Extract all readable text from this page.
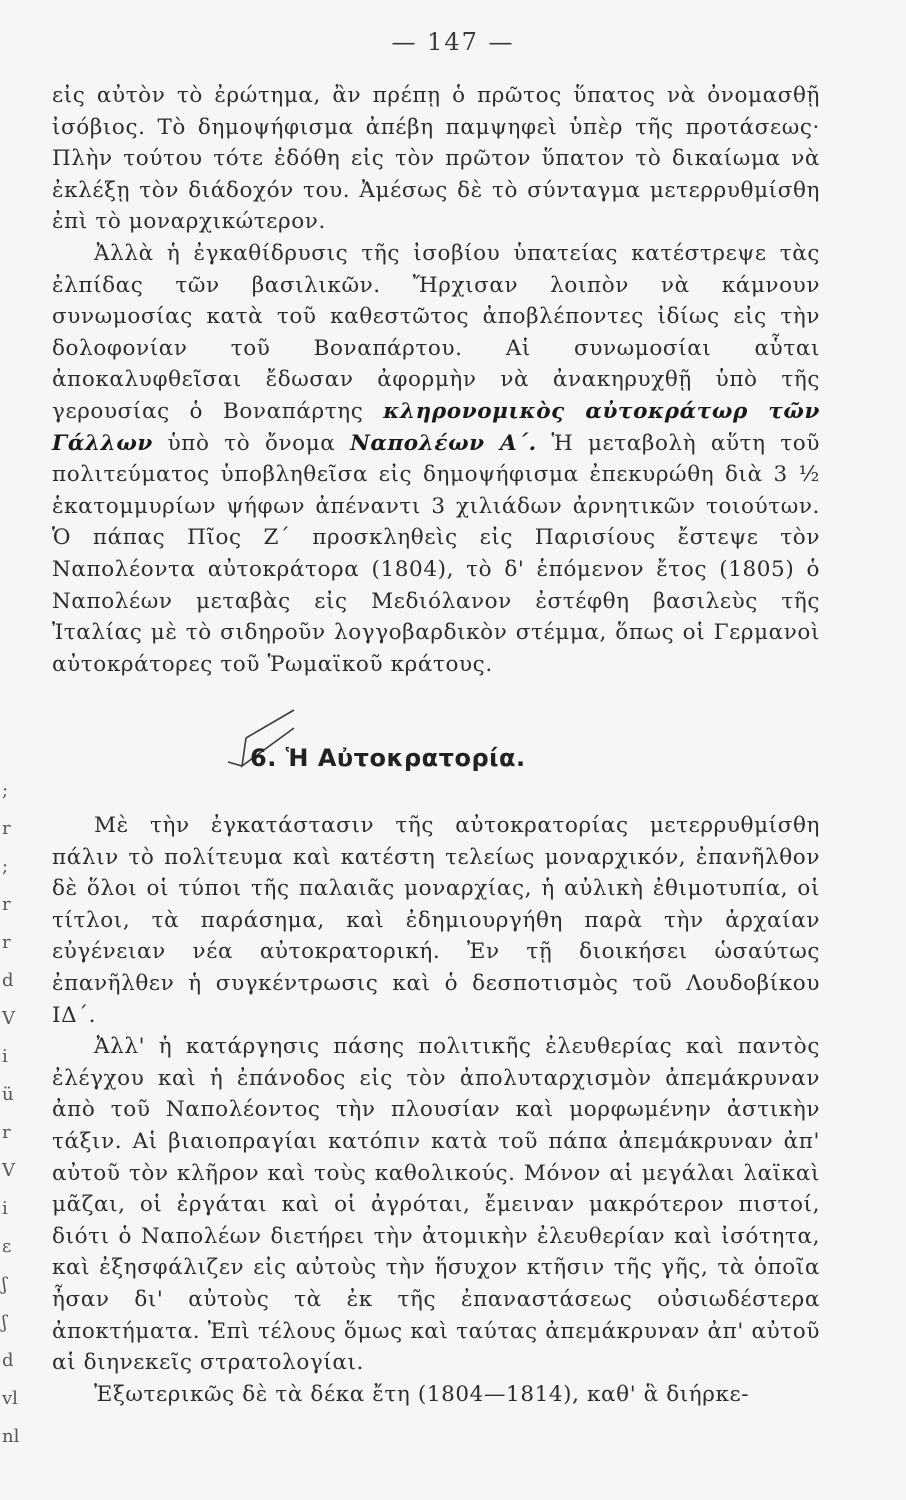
— 147 —

εἰς αὐτὸν τὸ ἐρώτημα, ἂν πρέπῃ ὁ πρῶτος ὕπατος νὰ ὀνομασθῇ ἰσόβιος. Τὸ δημοψήφισμα ἀπέβη παμψηφεὶ ὑπὲρ τῆς προτάσεως· Πλὴν τούτου τότε ἐδόθη εἰς τὸν πρῶτον ὕπατον τὸ δικαίωμα νὰ ἐκλέξῃ τὸν διάδοχόν του. Ἀμέσως δὲ τὸ σύνταγμα μετερρυθμίσθη ἐπὶ τὸ μοναρχικώτερον.

Ἀλλὰ ἡ ἐγκαθίδρυσις τῆς ἰσοβίου ὑπατείας κατέστρεψε τὰς ἐλπίδας τῶν βασιλικῶν. Ἤρχισαν λοιπὸν νὰ κάμνουν συνωμοσίας κατὰ τοῦ καθεστῶτος ἀποβλέποντες ἰδίως εἰς τὴν δολοφονίαν τοῦ Βοναπάρτου. Αἱ συνωμοσίαι αὗται ἀποκαλυφθεῖσαι ἔδωσαν ἀφορμὴν νὰ ἀνακηρυχθῇ ὑπὸ τῆς γερουσίας ὁ Βοναπάρτης κληρονομικὸς αὐτοκράτωρ τῶν Γάλλων ὑπὸ τὸ ὄνομα Ναπολέων Α΄. Ἡ μεταβολὴ αὕτη τοῦ πολιτεύματος ὑποβληθεῖσα εἰς δημοψήφισμα ἐπεκυρώθη διὰ 3 ½ ἑκατομμυρίων ψήφων ἀπέναντι 3 χιλιάδων ἀρνητικῶν τοιούτων. Ὁ πάπας Πῖος Ζ΄ προσκληθεὶς εἰς Παρισίους ἔστεψε τὸν Ναπολέοντα αὐτοκράτορα (1804), τὸ δ' ἑπόμενον ἔτος (1805) ὁ Ναπολέων μεταβὰς εἰς Μεδιόλανον ἐστέφθη βασιλεὺς τῆς Ἰταλίας μὲ τὸ σιδηροῦν λογγοβαρδικὸν στέμμα, ὅπως οἱ Γερμανοὶ αὐτοκράτορες τοῦ Ῥωμαϊκοῦ κράτους.

6. Ἡ Αὐτοκρατορία.

Μὲ τὴν ἐγκατάστασιν τῆς αὐτοκρατορίας μετερρυθμίσθη πάλιν τὸ πολίτευμα καὶ κατέστη τελείως μοναρχικόν, ἐπανῆλθον δὲ ὅλοι οἱ τύποι τῆς παλαιᾶς μοναρχίας, ἡ αὐλικὴ ἐθιμοτυπία, οἱ τίτλοι, τὰ παράσημα, καὶ ἐδημιουργήθη παρὰ τὴν ἀρχαίαν εὐγένειαν νέα αὐτοκρατορική. Ἐν τῇ διοικήσει ὡσαύτως ἐπανῆλθεν ἡ συγκέντρωσις καὶ ὁ δεσποτισμὸς τοῦ Λουδοβίκου ΙΔ΄.

Ἀλλ' ἡ κατάργησις πάσης πολιτικῆς ἐλευθερίας καὶ παντὸς ἐλέγχου καὶ ἡ ἐπάνοδος εἰς τὸν ἀπολυταρχισμὸν ἀπεμάκρυναν ἀπὸ τοῦ Ναπολέοντος τὴν πλουσίαν καὶ μορφωμένην ἀστικὴν τάξιν. Αἱ βιαιοπραγίαι κατόπιν κατὰ τοῦ πάπα ἀπεμάκρυναν ἀπ' αὐτοῦ τὸν κλῆρον καὶ τοὺς καθολικούς. Μόνον αἱ μεγάλαι λαϊκαὶ μᾶζαι, οἱ ἐργάται καὶ οἱ ἀγρόται, ἔμειναν μακρότερον πιστοί, διότι ὁ Ναπολέων διετήρει τὴν ἀτομικὴν ἐλευθερίαν καὶ ἰσότητα, καὶ ἐξησφάλιζεν εἰς αὐτοὺς τὴν ἥσυχον κτῆσιν τῆς γῆς, τὰ ὁποῖα ἦσαν δι' αὐτοὺς τὰ ἐκ τῆς ἐπαναστάσεως οὐσιωδέστερα ἀποκτήματα. Ἐπὶ τέλους ὅμως καὶ ταύτας ἀπεμάκρυναν ἀπ' αὐτοῦ αἱ διηνεκεῖς στρατολογίαι.

Ἐξωτερικῶς δὲ τὰ δέκα ἔτη (1804—1814), καθ' ἃ διήρκε-

;
r
;
r
r
d
V
i
ü
r
V
i
ε
ʃ
ʃ
d
vl
nl
